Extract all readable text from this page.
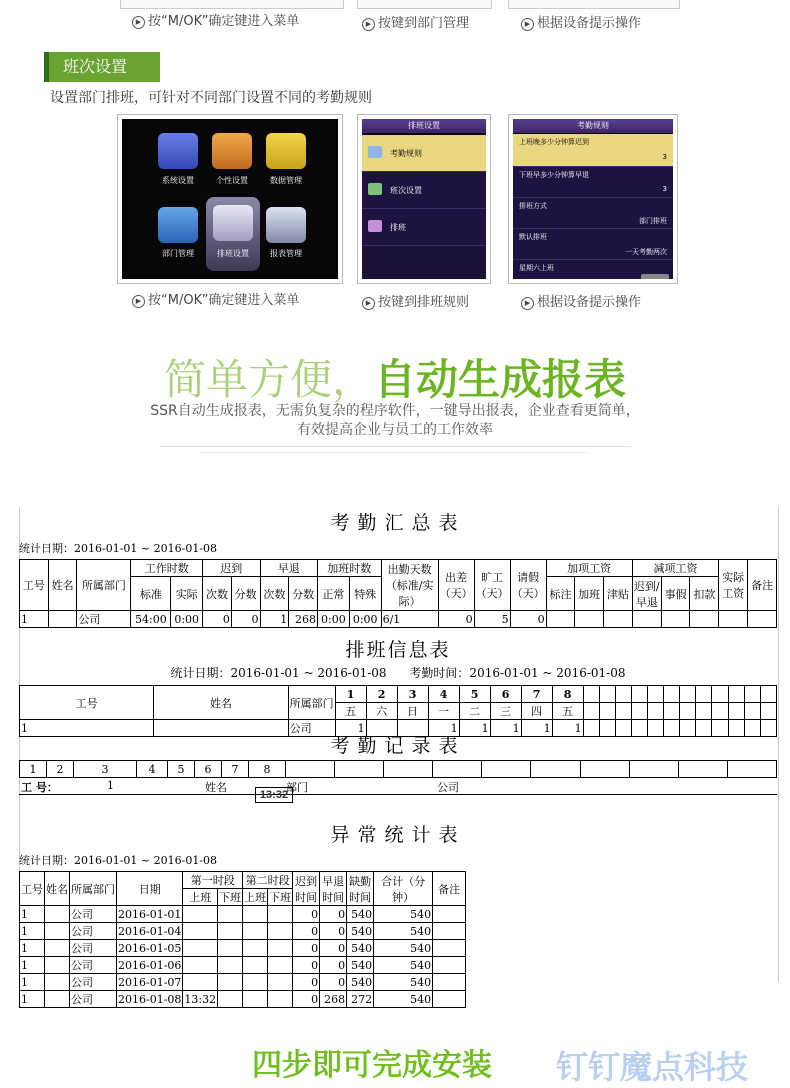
▶ 按“M/OK”确定键进入菜单	▶ 按键到部门管理	▶ 根据设备提示操作
班次设置
设置部门排班，可针对不同部门设置不同的考勤规则
系统设置	个性设置	数据管理
部门管理	排班设置	报表管理
排班设置
考勤规则
班次设置
排班
考勤规则
上班晚多少分钟算迟到
3
下班早多少分钟算早退
3
排班方式
部门排班
默认排班
一天考勤两次
星期六上班
▶ 按“M/OK”确定键进入菜单	▶ 按键到排班规则	▶ 根据设备提示操作
简单方便，自动生成报表
SSR自动生成报表，无需负复杂的程序软件，一键导出报表，企业查看更简单，
有效提高企业与员工的工作效率
考勤汇总表
统计日期：2016-01-01 ~ 2016-01-08
工号	姓名	所属部门	工作时数		迟到		早退		加班时数		出勤天数（标准/实际）	出差（天）	旷工（天）	请假（天）	加项工资			减项工资			实际工资	备注
			标准	实际	次数	分数	次数	分数	正常	特殊					标注	加班	津贴	迟到/早退	事假	扣款		
1		公司	54:00	0:00	0	0	1	268	0:00	0:00	6/1	0	5	0								
排班信息表
统计日期：2016-01-01 ~ 2016-01-08      考勤时间：2016-01-01 ~ 2016-01-08
工号	姓名	所属部门	1	2	3	4	5	6	7	8												
			五	六	日	一	二	三	四	五												
1		公司	1			1	1	1	1	1												
考勤记录表
1	2	3	4	5	6	7	8										
工 号：	1	姓名	部门	公司
13:32
异常统计表
统计日期：2016-01-01 ~ 2016-01-08
工号	姓名	所属部门	日期	第一时段		第二时段		迟到时间	早退时间	缺勤时间	合计（分钟）	备注
				上班	下班	上班	下班					
1		公司	2016-01-01					0	0	540	540	
1		公司	2016-01-04					0	0	540	540	
1		公司	2016-01-05					0	0	540	540	
1		公司	2016-01-06					0	0	540	540	
1		公司	2016-01-07					0	0	540	540	
1		公司	2016-01-08	13:32				0	268	272	540	
四步即可完成安装 钉钉魔点科技
